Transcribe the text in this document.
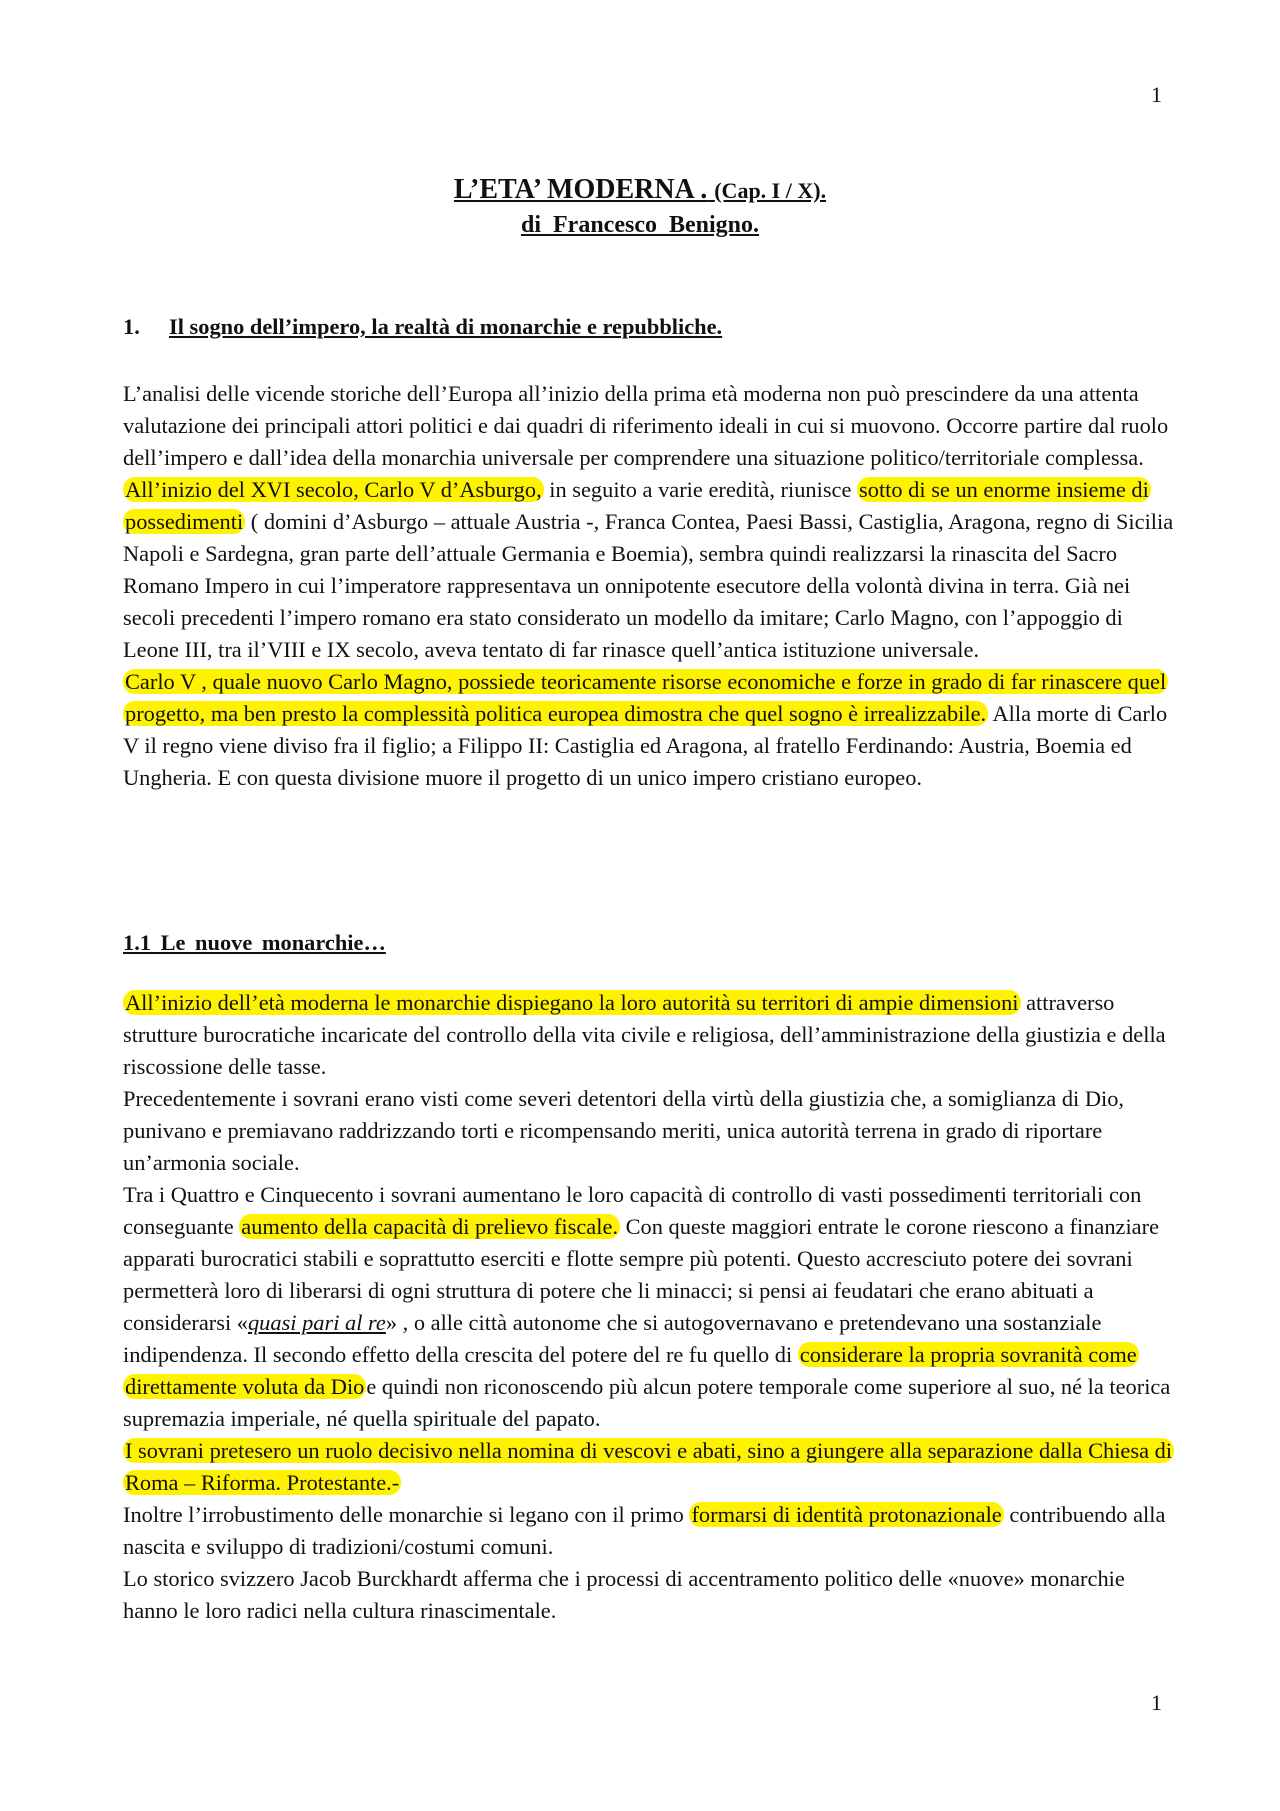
1
L’ETA’ MODERNA . (Cap. I / X).
di Francesco Benigno.
1. Il sogno dell’impero, la realtà di monarchie e repubbliche.

L’analisi delle vicende storiche dell’Europa all’inizio della prima età moderna non può prescindere da una attenta valutazione dei principali attori politici e dai quadri di riferimento ideali in cui si muovono. Occorre partire dal ruolo dell’impero e dall’idea della monarchia universale per comprendere una situazione politico/territoriale complessa.

All’inizio del XVI secolo, Carlo V d’Asburgo, in seguito a varie eredità, riunisce sotto di se un enorme insieme di possedimenti ( domini d’Asburgo – attuale Austria -, Franca Contea, Paesi Bassi, Castiglia, Aragona, regno di Sicilia Napoli e Sardegna, gran parte dell’attuale Germania e Boemia), sembra quindi realizzarsi la rinascita del Sacro Romano Impero in cui l’imperatore rappresentava un onnipotente esecutore della volontà divina in terra. Già nei secoli precedenti l’impero romano era stato considerato un modello da imitare; Carlo Magno, con l’appoggio di Leone III, tra il’VIII e IX secolo, aveva tentato di far rinasce quell’antica istituzione universale.

Carlo V , quale nuovo Carlo Magno, possiede teoricamente risorse economiche e forze in grado di far rinascere quel progetto, ma ben presto la complessità politica europea dimostra che quel sogno è irrealizzabile. Alla morte di Carlo V il regno viene diviso fra il figlio; a Filippo II: Castiglia ed Aragona, al fratello Ferdinando: Austria, Boemia ed Ungheria. E con questa divisione muore il progetto di un unico impero cristiano europeo.

1.1 Le nuove monarchie…

All’inizio dell’età moderna le monarchie dispiegano la loro autorità su territori di ampie dimensioni attraverso strutture burocratiche incaricate del controllo della vita civile e religiosa, dell’amministrazione della giustizia e della riscossione delle tasse.

Precedentemente i sovrani erano visti come severi detentori della virtù della giustizia che, a somiglianza di Dio, punivano e premiavano raddrizzando torti e ricompensando meriti, unica autorità terrena in grado di riportare un’armonia sociale.

Tra i Quattro e Cinquecento i sovrani aumentano le loro capacità di controllo di vasti possedimenti territoriali con conseguante aumento della capacità di prelievo fiscale. Con queste maggiori entrate le corone riescono a finanziare apparati burocratici stabili e soprattutto eserciti e flotte sempre più potenti. Questo accresciuto potere dei sovrani permetterà loro di liberarsi di ogni struttura di potere che li minacci; si pensi ai feudatari che erano abituati a considerarsi «quasi pari al re» , o alle città autonome che si autogovernavano e pretendevano una sostanziale indipendenza. Il secondo effetto della crescita del potere del re fu quello di considerare la propria sovranità come direttamente voluta da Dioe quindi non riconoscendo più alcun potere temporale come superiore al suo, né la teorica supremazia imperiale, né quella spirituale del papato.

I sovrani pretesero un ruolo decisivo nella nomina di vescovi e abati, sino a giungere alla separazione dalla Chiesa di Roma – Riforma. Protestante.-

Inoltre l’irrobustimento delle monarchie si legano con il primo formarsi di identità protonazionale contribuendo alla nascita e sviluppo di tradizioni/costumi comuni.

Lo storico svizzero Jacob Burckhardt afferma che i processi di accentramento politico delle «nuove» monarchie hanno le loro radici nella cultura rinascimentale.

1
